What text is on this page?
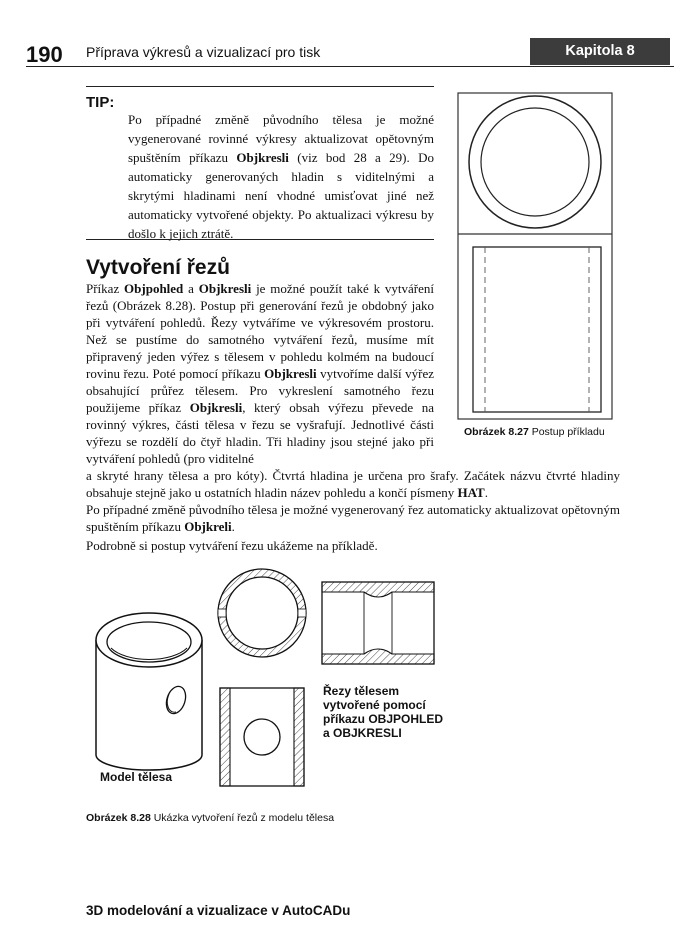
190 Příprava výkresů a vizualizací pro tisk	Kapitola 8
TIP:

Po případné změně původního tělesa je možné vygenerované rovinné výkresy aktualizovat opětovným spuštěním příkazu Objkresli (viz bod 28 a 29). Do automaticky generovaných hladin s viditelnými a skrytými hladinami není vhodné umisťovat jiné než automaticky vytvořené objekty. Po aktualizaci výkresu by došlo k jejich ztrátě.

Vytvoření řezů

Příkaz Objpohled a Objkresli je možné použít také k vytváření řezů (Obrázek 8.28). Postup při generování řezů je obdobný jako při vytváření pohledů. Řezy vytváříme ve výkresovém prostoru. Než se pustíme do samotného vytváření řezů, musíme mít připravený jeden výřez s tělesem v pohledu kolmém na budoucí rovinu řezu. Poté pomocí příkazu Objkresli vytvoříme další výřez obsahující průřez tělesem. Pro vykreslení samotného řezu použijeme příkaz Objkresli, který obsah výřezu převede na rovinný výkres, části tělesa v řezu se vyšrafují. Jednotlivé části výřezu se rozdělí do čtyř hladin. Tři hladiny jsou stejné jako při vytváření pohledů (pro viditelné

a skryté hrany tělesa a pro kóty). Čtvrtá hladina je určena pro šrafy. Začátek názvu čtvrté hladiny obsahuje stejně jako u ostatních hladin název pohledu a končí písmeny HAT.

Po případné změně původního tělesa je možné vygenerovaný řez automaticky aktualizovat opětovným spuštěním příkazu Objkreli.

Podrobně si postup vytváření řezu ukážeme na příkladě.

Obrázek 8.27 Postup příkladu
Model tělesa
Řezy tělesem
vytvořené pomocí
příkazu OBJPOHLED
a OBJKRESLI
Obrázek 8.28 Ukázka vytvoření řezů z modelu tělesa
3D modelování a vizualizace v AutoCADu
